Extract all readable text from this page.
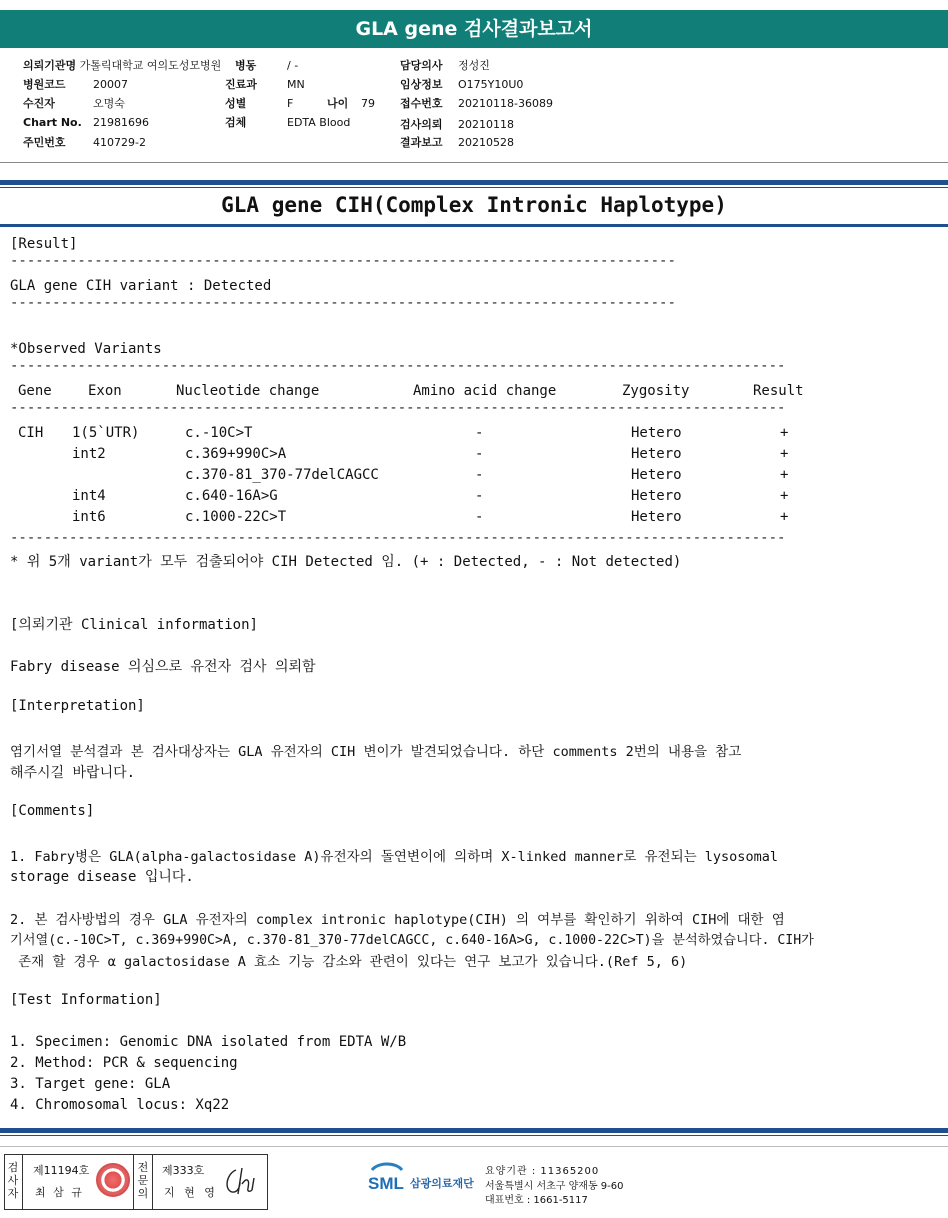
GLA gene 검사결과보고서
의뢰기관명 가톨릭대학교 여의도성모병원
병원코드 20007
수진자	오명숙
Chart No. 21981696
주민번호 410729-2
병동	/ -
진료과	MN
성별	F	나이 79
검체	EDTA Blood
담당의사 정성진
임상정보 O175Y10U0
접수번호 20210118-36089
검사의뢰 20210118
결과보고 20210528
GLA gene CIH(Complex Intronic Haplotype)
[Result]
-------------------------------------------------------------------------------
GLA gene CIH variant : Detected
-------------------------------------------------------------------------------
*Observed Variants
--------------------------------------------------------------------------------------------
Gene	Exon	Nucleotide change	Amino acid change	Zygosity	Result
--------------------------------------------------------------------------------------------
CIH 1(5`UTR)	c.-10C>T	-	Hetero	+
int2	c.369+990C>A	-	Hetero	+
c.370-81_370-77delCAGCC	-	Hetero	+
int4	c.640-16A>G	-	Hetero	+
int6	c.1000-22C>T	-	Hetero	+
--------------------------------------------------------------------------------------------
* 위 5개 variant가 모두 검출되어야 CIH Detected 임. (+ : Detected, - : Not detected)
[의뢰기관 Clinical information]
Fabry disease 의심으로 유전자 검사 의뢰함
[Interpretation]
염기서열 분석결과 본 검사대상자는 GLA 유전자의 CIH 변이가 발견되었습니다. 하단 comments 2번의 내용을 참고
해주시길 바랍니다.
[Comments]
1. Fabry병은 GLA(alpha-galactosidase A)유전자의 돌연변이에 의하며 X-linked manner로 유전되는 lysosomal
storage disease 입니다.
2. 본 검사방법의 경우 GLA 유전자의 complex intronic haplotype(CIH) 의 여부를 확인하기 위하여 CIH에 대한 염
기서열(c.-10C>T, c.369+990C>A, c.370-81_370-77delCAGCC, c.640-16A>G, c.1000-22C>T)을 분석하였습니다. CIH가
존재 할 경우 α galactosidase A 효소 기능 감소와 관련이 있다는 연구 보고가 있습니다.(Ref 5, 6)
[Test Information]
1. Specimen: Genomic DNA isolated from EDTA W/B
2. Method: PCR & sequencing
3. Target gene: GLA
4. Chromosomal locus: Xq22
검
사
자
제11194호
최 삼 규
전
문
의
제333호
지 현 영	SML 삼광의료재단
요양기관 : 11365200
서울특별시 서초구 양재동 9-60
대표번호 : 1661-5117
